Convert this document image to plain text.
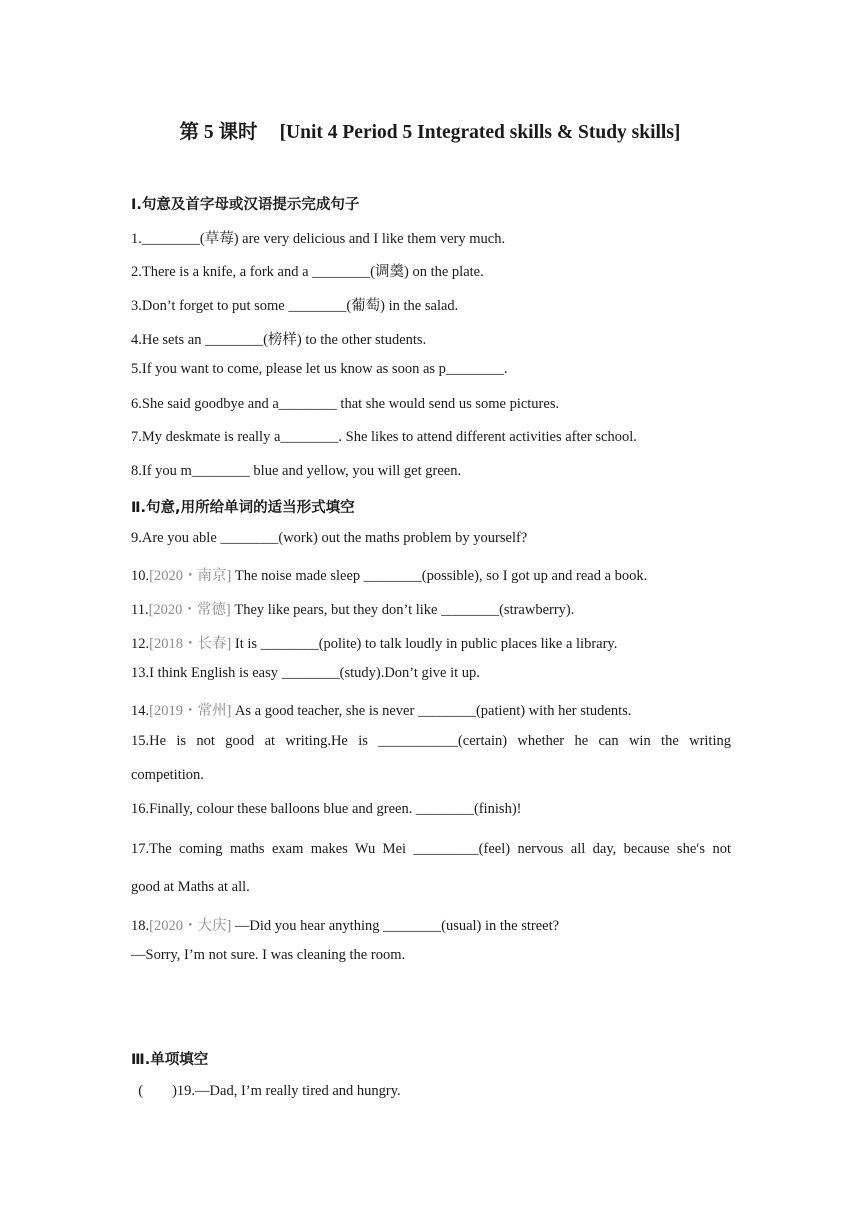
第 5 课时 [Unit 4 Period 5 Integrated skills & Study skills]
Ⅰ.句意及首字母或汉语提示完成句子
1.________(草莓) are very delicious and I like them very much.
2.There is a knife, a fork and a ________(调羹) on the plate.
3.Don’t forget to put some ________(葡萄) in the salad.
4.He sets an ________(榜样) to the other students.
5.If you want to come, please let us know as soon as p________.
6.She said goodbye and a________ that she would send us some pictures.
7.My deskmate is really a________. She likes to attend different activities after school.
8.If you m________ blue and yellow, you will get green.
Ⅱ.句意,用所给单词的适当形式填空
9.Are you able ________(work) out the maths problem by yourself?
10.[2020・南京] The noise made sleep ________(possible), so I got up and read a book.
11.[2020・常德] They like pears, but they don’t like ________(strawberry).
12.[2018・长春] It is ________(polite) to talk loudly in public places like a library.
13.I think English is easy ________(study).Don’t give it up.
14.[2019・常州] As a good teacher, she is never ________(patient) with her students.
15.He is not good at writing.He is ___________(certain) whether he can win the writing
competition.
16.Finally, colour these balloons blue and green. ________(finish)!
17.The coming maths exam makes Wu Mei _________(feel) nervous all day, because she′s not
good at Maths at all.
18.[2020・大庆] —Did you hear anything ________(usual) in the street?
—Sorry, I’m not sure. I was cleaning the room.
Ⅲ.单项填空
(        )19.—Dad, I’m really tired and hungry.
